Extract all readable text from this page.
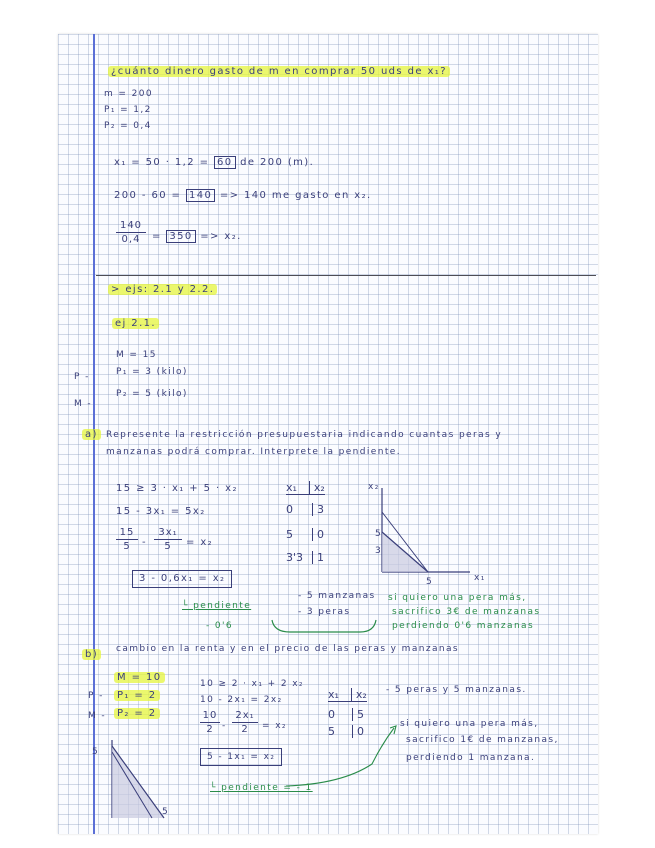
¿cuánto dinero gasto de m en comprar 50 uds de x₁?
m = 200
P₁ = 1,2
P₂ = 0,4
x₁ = 50 · 1,2 = 60 de 200 (m).
200 - 60 = 140 => 140 me gasto en x₂.
140
0,4	= 350 => x₂.
> ejs: 2.1 y 2.2.
ej 2.1.
M = 15
P₁ = 3 (kilo)
P₂ = 5 (kilo)
P -
M -
a) Represente la restricción presupuestaria indicando cuantas peras y
manzanas podrá comprar. Interprete la pendiente.
15 ≥ 3 · x₁ + 5 · x₂
15 - 3x₁ = 5x₂
15
5	-
3x₁
5	= x₂
3 - 0,6x₁ = x₂
└ pendiente
- 0'6
x₁	x₂
0	3
5	0
3'3	1
x₂
x₁
5
3
5
- 5 manzanas
- 3 peras
si quiero una pera más,
sacrifico 3€ de manzanas
perdiendo 0'6 manzanas
b)	cambio en la renta y en el precio de las peras y manzanas
M = 10
P₁ = 2
P₂ = 2
P -
M -
10 ≥ 2 · x₁ + 2 x₂
10 - 2x₁ = 2x₂
10
2 -
2x₁
2	= x₂
5 - 1x₁ = x₂
└ pendiente = - 1
x₁	x₂
0	5
5	0
- 5 peras y 5 manzanas.
si quiero una pera más,
sacrifico 1€ de manzanas,
perdiendo 1 manzana.
5
5
